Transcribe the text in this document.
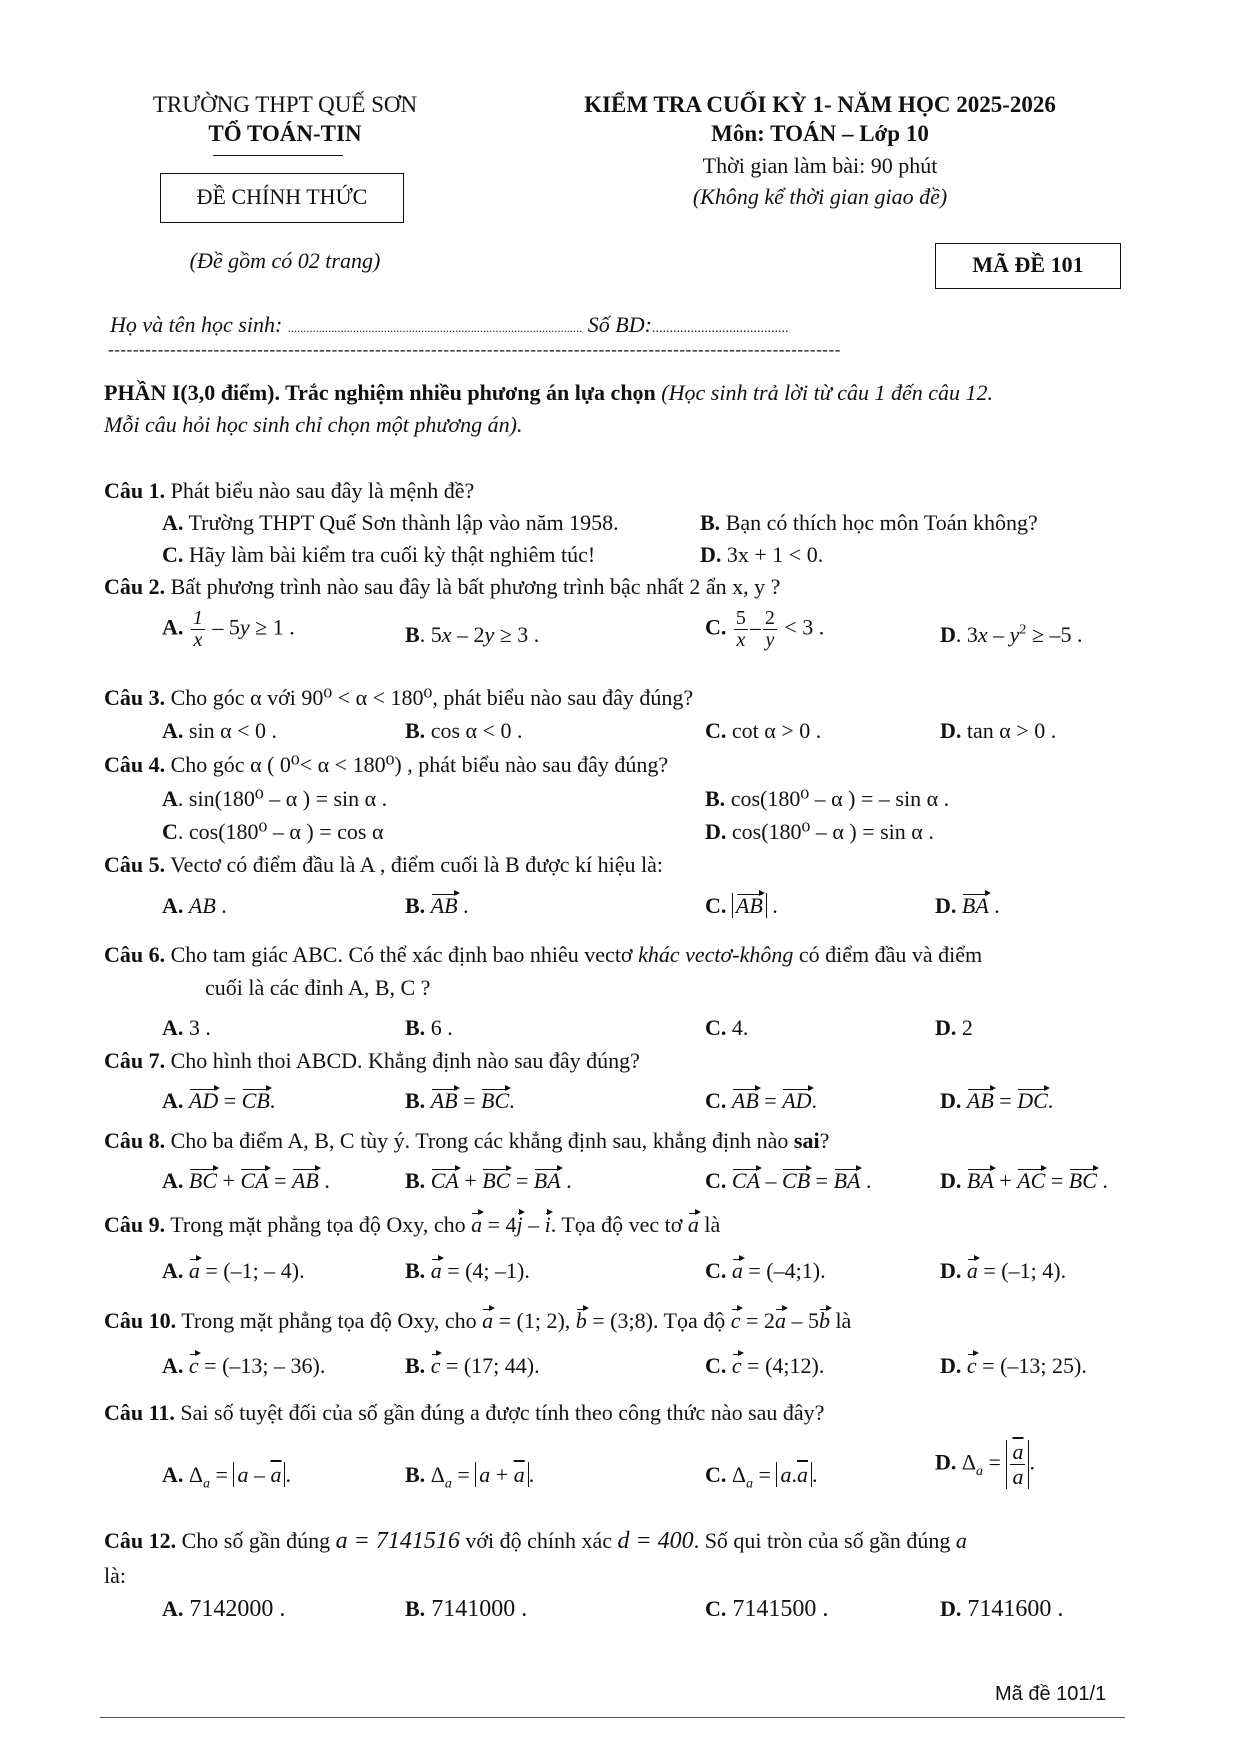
TRƯỜNG THPT QUẾ SƠN
TỔ TOÁN-TIN
ĐỀ CHÍNH THỨC
(Đề gồm có 02 trang)
KIỂM TRA CUỐI KỲ 1- NĂM HỌC 2025-2026
Môn: TOÁN – Lớp 10
Thời gian làm bài: 90 phút
(Không kể thời gian giao đề)
MÃ ĐỀ 101
Họ và tên học sinh: ............................................................................................... Số BD:.......................................
----------------------------------------------------------------------------------------------------------------------
PHẦN I(3,0 điểm). Trắc nghiệm nhiều phương án lựa chọn (Học sinh trả lời từ câu 1 đến câu 12.
Mỗi câu hỏi học sinh chỉ chọn một phương án).
Câu 1. Phát biểu nào sau đây là mệnh đề?
A. Trường THPT Quế Sơn thành lập vào năm 1958.	B. Bạn có thích học môn Toán không?
C. Hãy làm bài kiểm tra cuối kỳ thật nghiêm túc!	D. 3x + 1 < 0.
Câu 2. Bất phương trình nào sau đây là bất phương trình bậc nhất 2 ẩn x, y ?
A. $\frac{1}{x} - 5y \ge 1$ .	B. 5x – 2y ≥ 3 .	C. $\frac{5}{x} - \frac{2}{y} < 3$ .	D. $3x - y^2 \ge -5$ .
Câu 3. Cho góc α với 90⁰ < α < 180⁰, phát biểu nào sau đây đúng?
A. sin α < 0 .	B. cos α < 0 .	C. cot α > 0 .	D. tan α > 0 .
Câu 4. Cho góc α ( 0⁰< α < 180⁰) , phát biểu nào sau đây đúng?
A. sin(180⁰ – α ) = sin α .	B. cos(180⁰ – α ) = – sin α .
C. cos(180⁰ – α ) = cos α	D. cos(180⁰ – α ) = sin α .
Câu 5. Vectơ có điểm đầu là A , điểm cuối là B được kí hiệu là:
A. AB .	B. AB .	C. AB .	D. BA .
Câu 6. Cho tam giác ABC. Có thể xác định bao nhiêu vectơ khác vectơ-không có điểm đầu và điểm
cuối là các đỉnh A, B, C ?
A. 3 .	B. 6 .	C. 4.	D. 2
Câu 7. Cho hình thoi ABCD. Khẳng định nào sau đây đúng?
A. AD = CB.	B. AB = BC.	C. AB = AD.	D. AB = DC.
Câu 8. Cho ba điểm A, B, C tùy ý. Trong các khẳng định sau, khẳng định nào sai?
A. BC + CA = AB .	B. CA + BC = BA .	C. CA – CB = BA .	D. BA + AC = BC .
Câu 9. Trong mặt phẳng tọa độ Oxy, cho a = 4j – i. Tọa độ vec tơ a là
A. a = (–1; – 4).	B. a = (4; –1).	C. a = (–4;1).	D. a = (–1; 4).
Câu 10. Trong mặt phẳng tọa độ Oxy, cho a = (1; 2), b = (3;8). Tọa độ c = 2a – 5b là
A. c = (–13; – 36).	B. c = (17; 44).	C. c = (4;12).	D. c = (–13; 25).
Câu 11. Sai số tuyệt đối của số gần đúng a được tính theo công thức nào sau đây?
A. $\Delta_a = a - \overline{a}$ .	B. $\Delta_a = a + \overline{a}$ .	C. $\Delta_a = a.\overline{a}$ .	D. $\Delta_a = \frac{\overline{a}}{a}$ .
Câu 12. Cho số gần đúng a = 7141516 với độ chính xác d = 400. Số qui tròn của số gần đúng a
là:
A. 7142000 .	B. 7141000 .	C. 7141500 .	D. 7141600 .
Mã đề 101/1
